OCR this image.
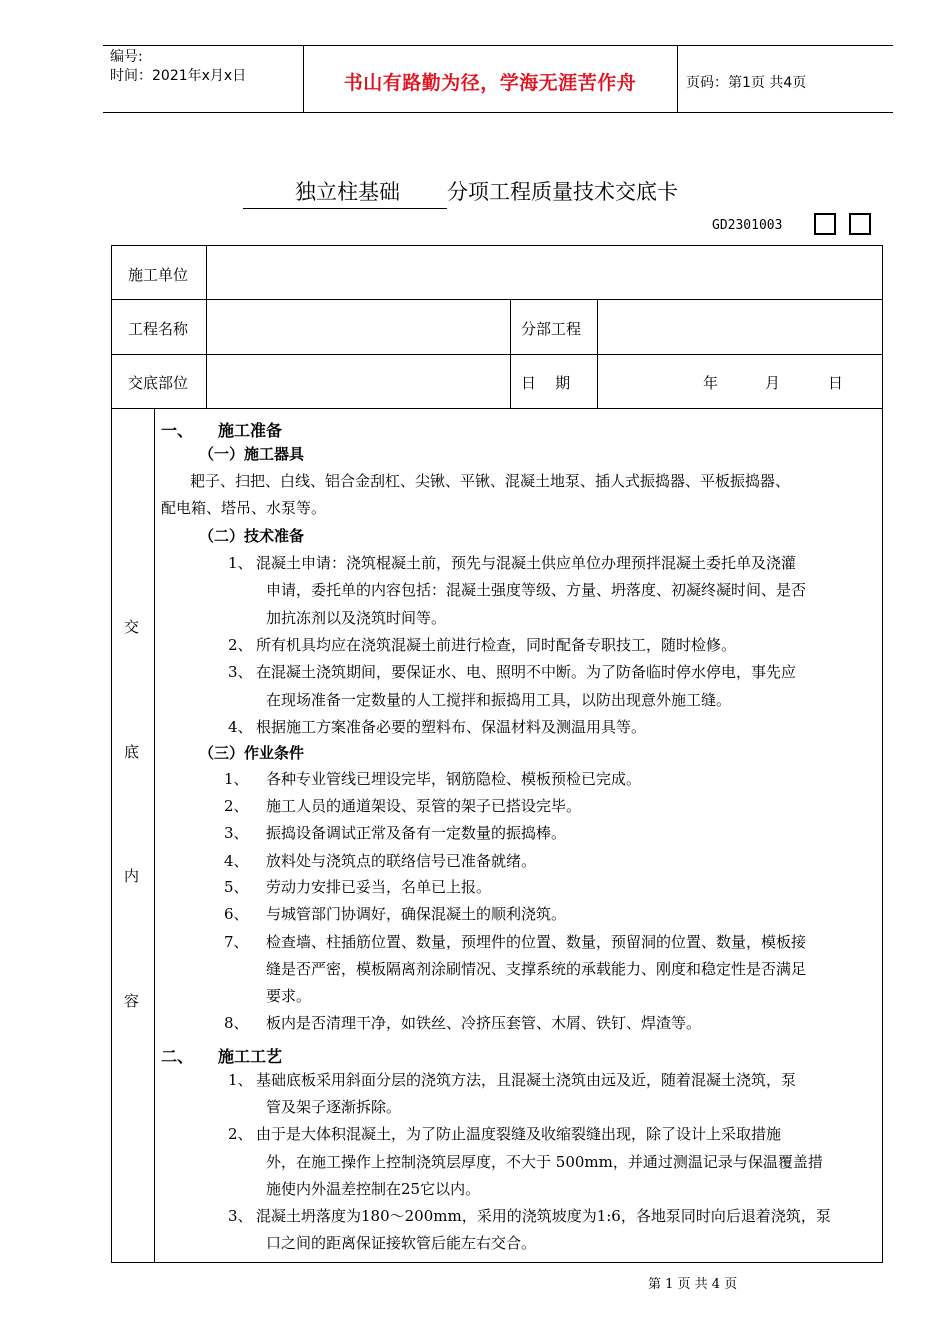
编号:
时间：2021年x月x日	书山有路勤为径，学海无涯苦作舟	页码：第1页 共4页
独立柱基础 分项工程质量技术交底卡
GD2301003
施工单位
工程名称	分部工程
交底部位	日    期	年	月	日
交
底
内
容
一、 施工准备
（一）施工器具
耙子、扫把、白线、铝合金刮杠、尖锹、平锹、混凝土地泵、插人式振捣器、平板振捣器、
配电箱、塔吊、水泵等。
（二）技术准备
1、 混凝土申请：浇筑棍凝土前，预先与混凝土供应单位办理预拌混凝土委托单及浇灌
申请，委托单的内容包括：混凝土强度等级、方量、坍落度、初凝终凝时间、是否
加抗冻剂以及浇筑时间等。
2、 所有机具均应在浇筑混凝土前进行检查，同时配备专职技工，随时检修。
3、 在混凝土浇筑期间，要保证水、电、照明不中断。为了防备临时停水停电，事先应
在现场准备一定数量的人工搅拌和振捣用工具，以防出现意外施工缝。
4、 根据施工方案准备必要的塑料布、保温材料及测温用具等。
（三）作业条件
1、 各种专业管线已埋设完毕，钢筋隐检、模板预检已完成。
2、 施工人员的通道架设、泵管的架子已搭设完毕。
3、 振捣设备调试正常及备有一定数量的振捣棒。
4、 放料处与浇筑点的联络信号已准备就绪。
5、 劳动力安排已妥当，名单已上报。
6、 与城管部门协调好，确保混凝土的顺利浇筑。
7、 检查墙、柱插筋位置、数量，预埋件的位置、数量，预留洞的位置、数量，模板接
缝是否严密，模板隔离剂涂刷情况、支撑系统的承载能力、刚度和稳定性是否满足
要求。
8、 板内是否清理干净，如铁丝、冷挤压套管、木屑、铁钉、焊渣等。
二、 施工工艺
1、 基础底板采用斜面分层的浇筑方法，且混凝土浇筑由远及近，随着混凝土浇筑，泵
管及架子逐渐拆除。
2、 由于是大体积混凝土，为了防止温度裂缝及收缩裂缝出现，除了设计上采取措施
外，在施工操作上控制浇筑层厚度，不大于 500mm，并通过测温记录与保温覆盖措
施使内外温差控制在25它以内。
3、 混凝土坍落度为180～200mm，采用的浇筑坡度为1:6，各地泵同时向后退着浇筑，泵
口之间的距离保证接软管后能左右交合。
第 1 页 共 4 页
